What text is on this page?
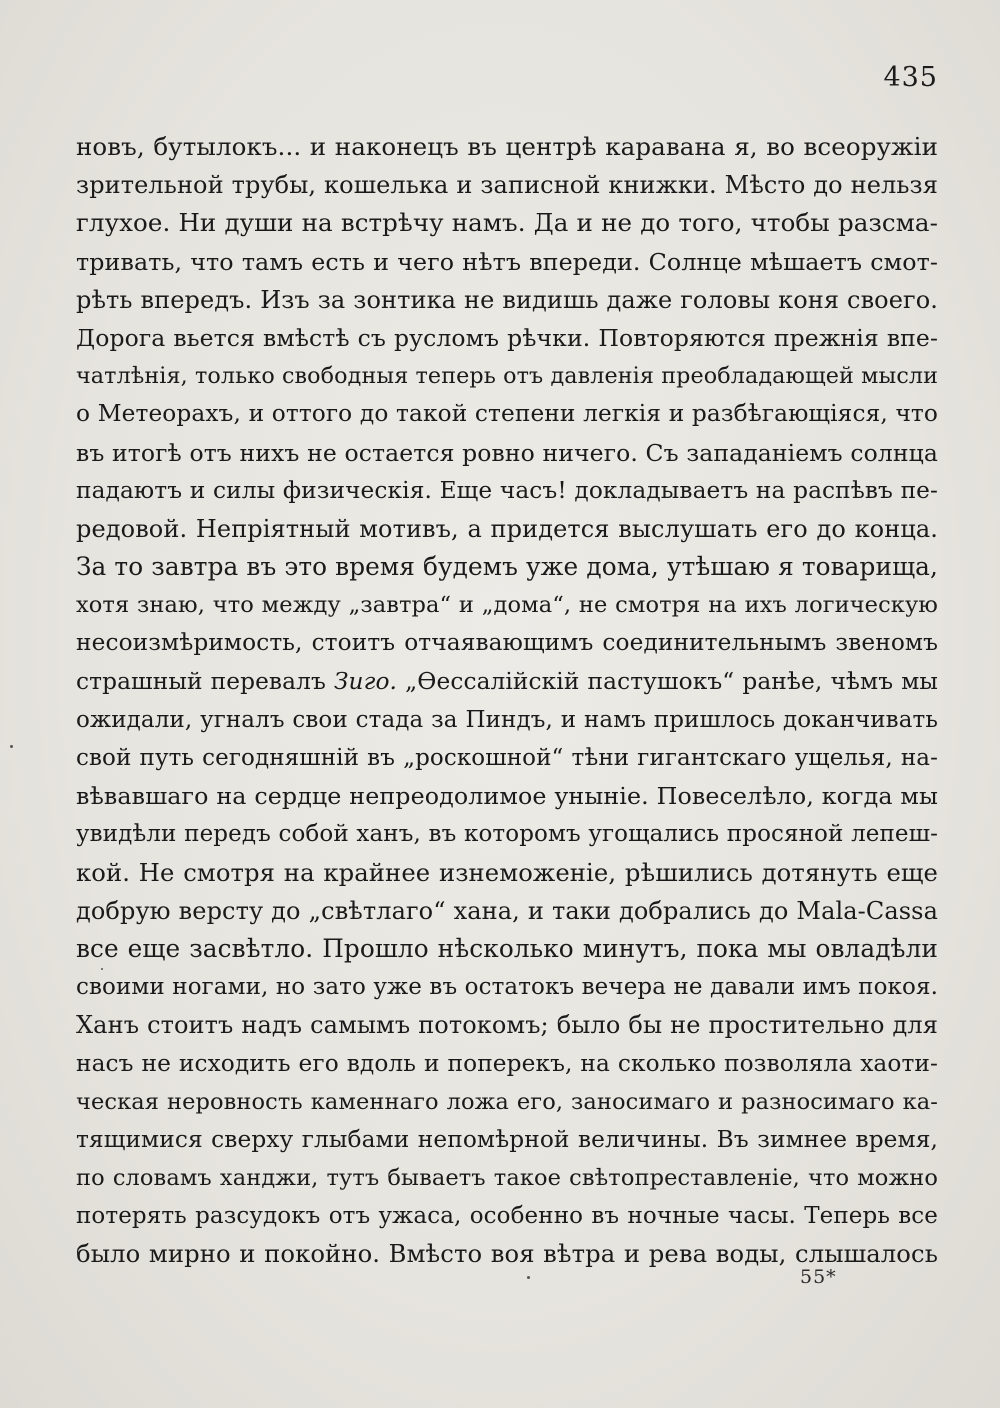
435
новъ, бутылокъ... и наконецъ въ центрѣ каравана я, во всеоружіи
зрительной трубы, кошелька и записной книжки. Мѣсто до нельзя
глухое. Ни души на встрѣчу намъ. Да и не до того, чтобы разсма-
тривать, что тамъ есть и чего нѣтъ впереди. Солнце мѣшаетъ смот-
рѣть впередъ. Изъ за зонтика не видишь даже головы коня своего.
Дорога вьется вмѣстѣ съ русломъ рѣчки. Повторяются прежнія впе-
чатлѣнія, только свободныя теперь отъ давленія преобладающей мысли
о Метеорахъ, и оттого до такой степени легкія и разбѣгающіяся, что
въ итогѣ отъ нихъ не остается ровно ничего. Съ западаніемъ солнца
падаютъ и силы физическія. Еще часъ! докладываетъ на распѣвъ пе-
редовой. Непріятный мотивъ, а придется выслушать его до конца.
За то завтра въ это время будемъ уже дома, утѣшаю я товарища,
хотя знаю, что между „завтра“ и „дома“, не смотря на ихъ логическую
несоизмѣримость, стоитъ отчаявающимъ соединительнымъ звеномъ
страшный перевалъ Зиго. „Ѳессалійскій пастушокъ“ ранѣе, чѣмъ мы
ожидали, угналъ свои стада за Пиндъ, и намъ пришлось доканчивать
свой путь сегодняшній въ „роскошной“ тѣни гигантскаго ущелья, на-
вѣвавшаго на сердце непреодолимое уныніе. Повеселѣло, когда мы
увидѣли передъ собой ханъ, въ которомъ угощались просяной лепеш-
кой. Не смотря на крайнее изнеможеніе, рѣшились дотянуть еще
добрую версту до „свѣтлаго“ хана, и таки добрались до Mala-Cassa
все еще засвѣтло. Прошло нѣсколько минутъ, пока мы овладѣли
своими ногами, но зато уже въ остатокъ вечера не давали имъ покоя.
Ханъ стоитъ надъ самымъ потокомъ; было бы не простительно для
насъ не исходить его вдоль и поперекъ, на сколько позволяла хаоти-
ческая неровность каменнаго ложа его, заносимаго и разносимаго ка-
тящимися сверху глыбами непомѣрной величины. Въ зимнее время,
по словамъ ханджи, тутъ бываетъ такое свѣтопреставленіе, что можно
потерять разсудокъ отъ ужаса, особенно въ ночные часы. Теперь все
было мирно и покойно. Вмѣсто воя вѣтра и рева воды, слышалось
55*
